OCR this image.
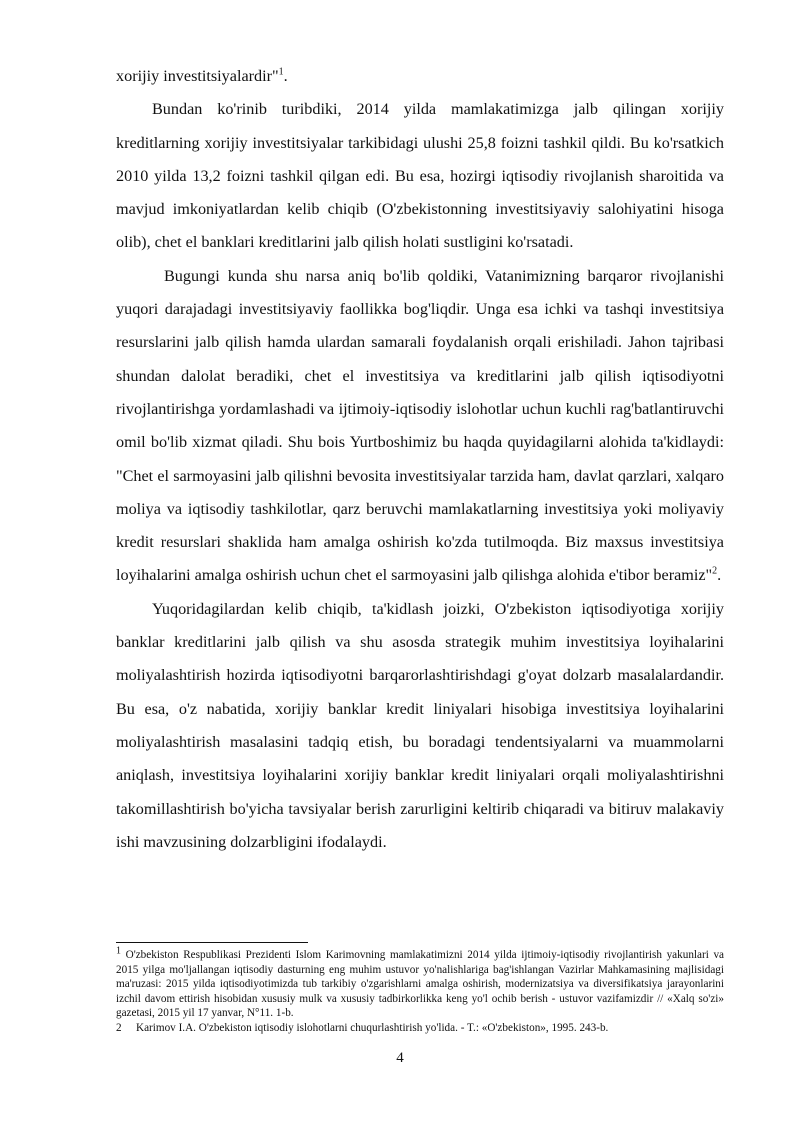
xorijiy investitsiyalardir"$^1$.

Bundan ko'rinib turibdiki, 2014 yilda mamlakatimizga jalb qilingan xorijiy kreditlarning xorijiy investitsiyalar tarkibidagi ulushi 25,8 foizni tashkil qildi. Bu ko'rsatkich 2010 yilda 13,2 foizni tashkil qilgan edi. Bu esa, hozirgi iqtisodiy rivojlanish sharoitida va mavjud imkoniyatlardan kelib chiqib (O'zbekistonning investitsiyaviy salohiyatini hisoga olib), chet el banklari kreditlarini jalb qilish holati sustligini ko'rsatadi.

Bugungi kunda shu narsa aniq bo'lib qoldiki, Vatanimizning barqaror rivojlanishi yuqori darajadagi investitsiyaviy faollikka bog'liqdir. Unga esa ichki va tashqi investitsiya resurslarini jalb qilish hamda ulardan samarali foydalanish orqali erishiladi. Jahon tajribasi shundan dalolat beradiki, chet el investitsiya va kreditlarini jalb qilish iqtisodiyotni rivojlantirishga yordamlashadi va ijtimoiy-iqtisodiy islohotlar uchun kuchli rag'batlantiruvchi omil bo'lib xizmat qiladi. Shu bois Yurtboshimiz bu haqda quyidagilarni alohida ta'kidlaydi: "Chet el sarmoyasini jalb qilishni bevosita investitsiyalar tarzida ham, davlat qarzlari, xalqaro moliya va iqtisodiy tashkilotlar, qarz beruvchi mamlakatlarning investitsiya yoki moliyaviy kredit resurslari shaklida ham amalga oshirish ko'zda tutilmoqda. Biz maxsus investitsiya loyihalarini amalga oshirish uchun chet el sarmoyasini jalb qilishga alohida e'tibor beramiz"$^2$.

Yuqoridagilardan kelib chiqib, ta'kidlash joizki, O'zbekiston iqtisodiyotiga xorijiy banklar kreditlarini jalb qilish va shu asosda strategik muhim investitsiya loyihalarini moliyalashtirish hozirda iqtisodiyotni barqarorlashtirishdagi g'oyat dolzarb masalalardandir. Bu esa, o'z nabatida, xorijiy banklar kredit liniyalari hisobiga investitsiya loyihalarini moliyalashtirish masalasini tadqiq etish, bu boradagi tendentsiyalarni va muammolarni aniqlash, investitsiya loyihalarini xorijiy banklar kredit liniyalari orqali moliyalashtirishni takomillashtirish bo'yicha tavsiyalar berish zarurligini keltirib chiqaradi va bitiruv malakaviy ishi mavzusining dolzarbligini ifodalaydi.

$^1$ O'zbekiston Respublikasi Prezidenti Islom Karimovning mamlakatimizni 2014 yilda ijtimoiy-iqtisodiy rivojlantirish yakunlari va 2015 yilga mo'ljallangan iqtisodiy dasturning eng muhim ustuvor yo'nalishlariga bag'ishlangan Vazirlar Mahkamasining majlisidagi ma'ruzasi: 2015 yilda iqtisodiyotimizda tub tarkibiy o'zgarishlarni amalga oshirish, modernizatsiya va diversifikatsiya jarayonlarini izchil davom ettirish hisobidan xususiy mulk va xususiy tadbirkorlikka keng yo'l ochib berish - ustuvor vazifamizdir // «Xalq so'zi» gazetasi, 2015 yil 17 yanvar, N°11. 1-b.

2	Karimov I.A. O'zbekiston iqtisodiy islohotlarni chuqurlashtirish yo'lida. - T.: «O'zbekiston», 1995. 243-b.
4
